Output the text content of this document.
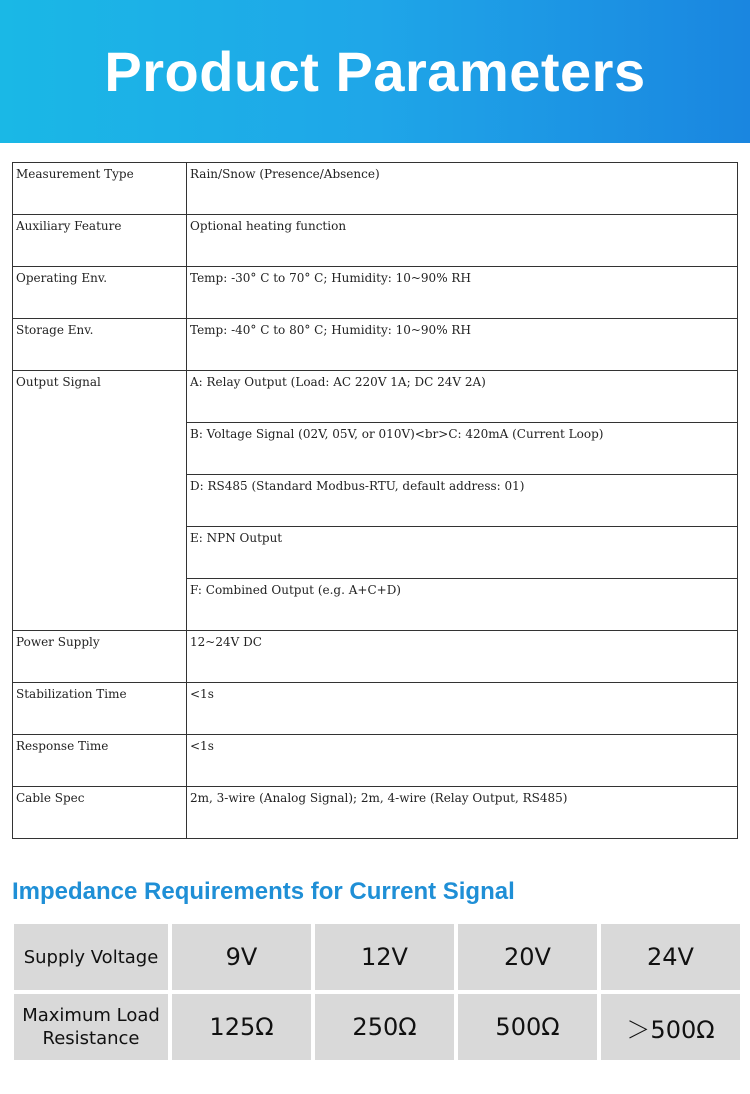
Product Parameters
Measurement Type	Rain/Snow (Presence/Absence)
Auxiliary Feature	Optional heating function
Operating Env.	Temp: -30° C to 70° C; Humidity: 10~90% RH
Storage Env.	Temp: -40° C to 80° C; Humidity: 10~90% RH
Output Signal	A: Relay Output (Load: AC 220V 1A; DC 24V 2A)
	B: Voltage Signal (02V, 05V, or 010V)<br>C: 420mA (Current Loop)
	D: RS485 (Standard Modbus-RTU, default address: 01)
	E: NPN Output
	F: Combined Output (e.g. A+C+D)
Power Supply	12~24V DC
Stabilization Time	<1s
Response Time	<1s
Cable Spec	2m, 3-wire (Analog Signal); 2m, 4-wire (Relay Output, RS485)
Impedance Requirements for Current Signal
Supply Voltage	9V	12V	20V	24V
Maximum Load
Resistance	125Ω	250Ω	500Ω	＞500Ω
